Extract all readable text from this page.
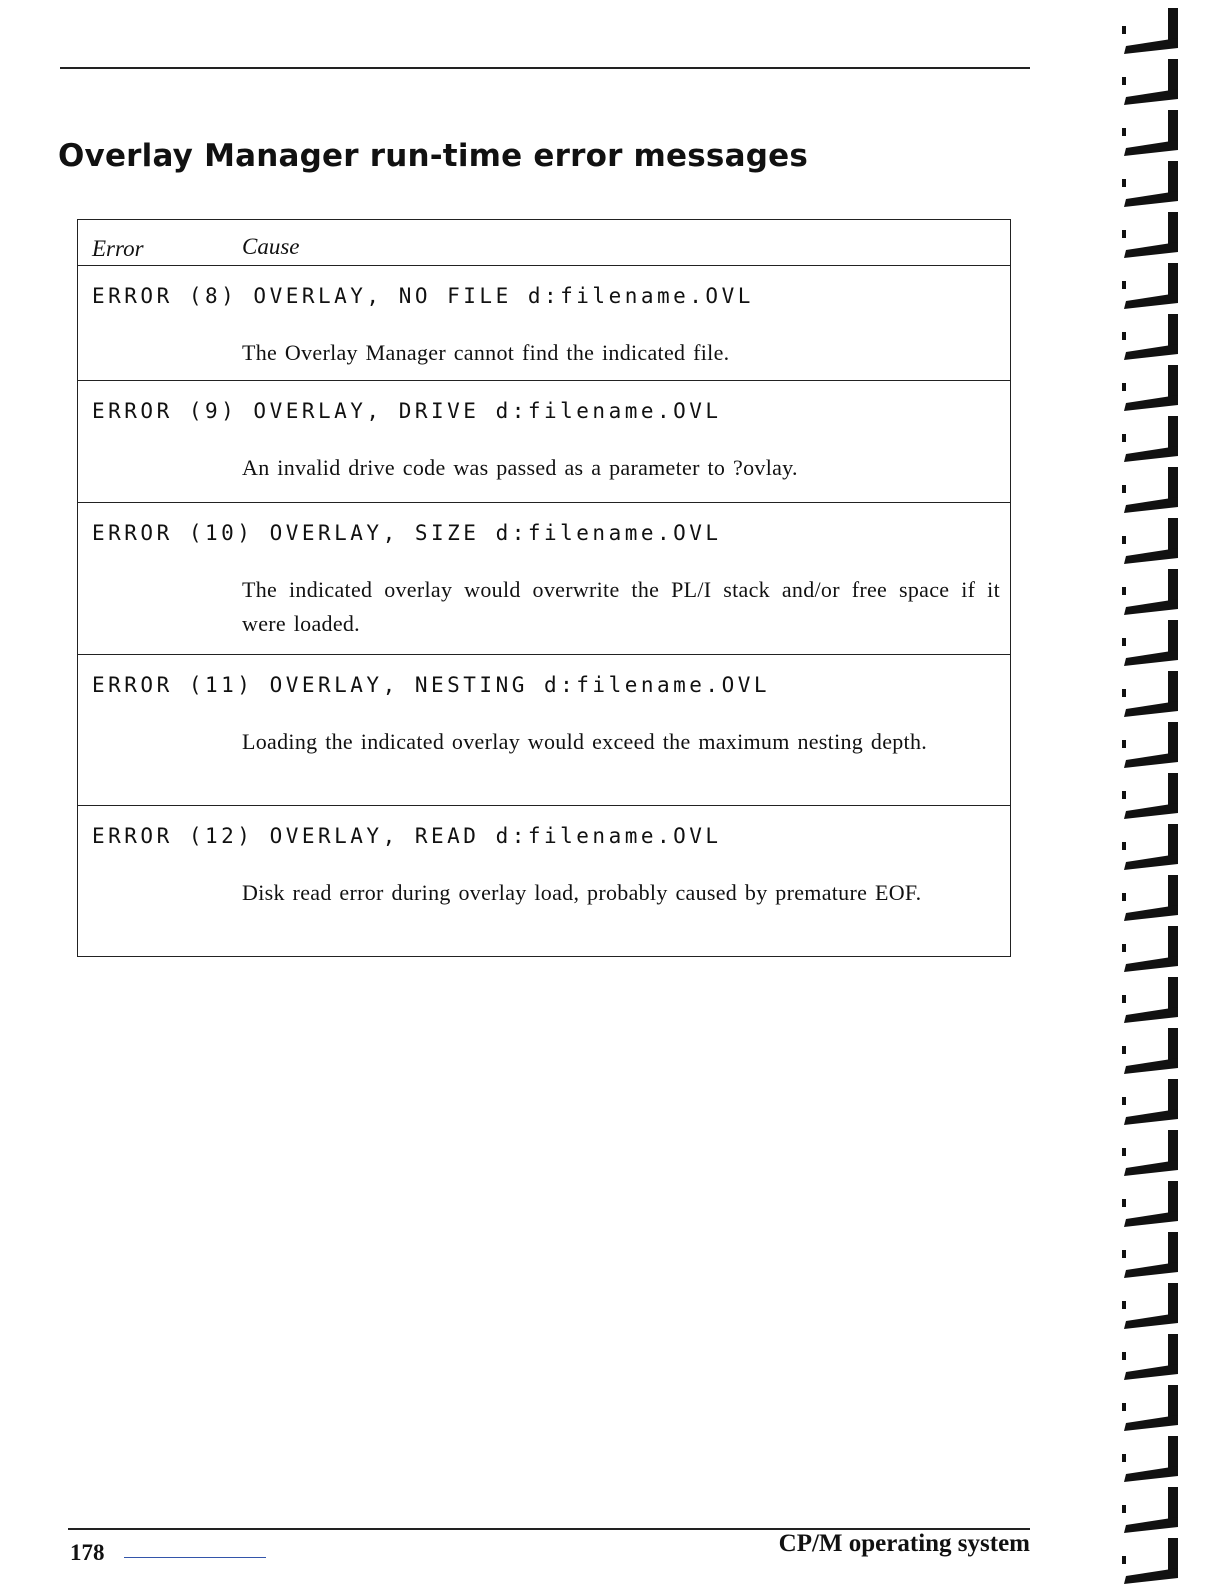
Overlay Manager run-time error messages
Error	Cause
ERROR (8) OVERLAY, NO FILE d:filename.OVL
The Overlay Manager cannot find the indicated file.
ERROR (9) OVERLAY, DRIVE d:filename.OVL
An invalid drive code was passed as a parameter to ?ovlay.
ERROR (10) OVERLAY, SIZE d:filename.OVL
The indicated overlay would overwrite the PL/I stack and/or free space if it were loaded.
ERROR (11) OVERLAY, NESTING d:filename.OVL
Loading the indicated overlay would exceed the maximum nesting depth.
ERROR (12) OVERLAY, READ d:filename.OVL
Disk read error during overlay load, probably caused by premature EOF.
178	CP/M operating system
